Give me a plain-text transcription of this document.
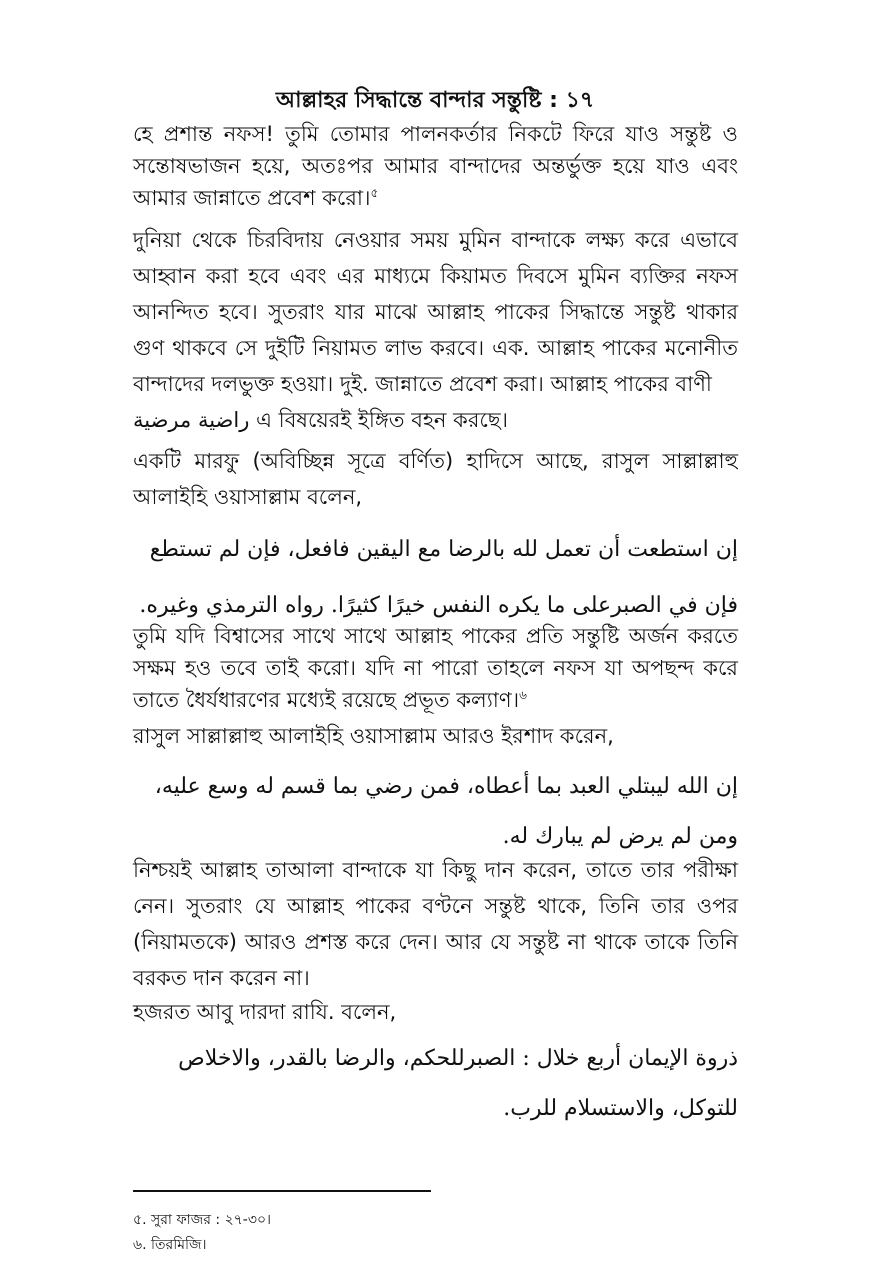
আল্লাহর সিদ্ধান্তে বান্দার সন্তুষ্টি : ১৭
হে প্রশান্ত নফস! তুমি তোমার পালনকর্তার নিকটে ফিরে যাও সন্তুষ্ট ও সন্তোষভাজন হয়ে, অতঃপর আমার বান্দাদের অন্তর্ভুক্ত হয়ে যাও এবং আমার জান্নাতে প্রবেশ করো।$^৫$
দুনিয়া থেকে চিরবিদায় নেওয়ার সময় মুমিন বান্দাকে লক্ষ্য করে এভাবে আহ্বান করা হবে এবং এর মাধ্যমে কিয়ামত দিবসে মুমিন ব্যক্তির নফস আনন্দিত হবে। সুতরাং যার মাঝে আল্লাহ পাকের সিদ্ধান্তে সন্তুষ্ট থাকার গুণ থাকবে সে দুইটি নিয়ামত লাভ করবে। এক. আল্লাহ পাকের মনোনীত বান্দাদের দলভুক্ত হওয়া। দুই. জান্নাতে প্রবেশ করা। আল্লাহ পাকের বাণী
راضية مرضية এ বিষয়েরই ইঙ্গিত বহন করছে।
একটি মারফু (অবিচ্ছিন্ন সূত্রে বর্ণিত) হাদিসে আছে, রাসুল সাল্লাল্লাহু আলাইহি ওয়াসাল্লাম বলেন,
إن استطعت أن تعمل لله بالرضا مع اليقين فافعل، فإن لم تستطع فإن في الصبرعلى ما يكره النفس خيرًا كثيرًا. رواه الترمذي وغيره.
তুমি যদি বিশ্বাসের সাথে সাথে আল্লাহ পাকের প্রতি সন্তুষ্টি অর্জন করতে সক্ষম হও তবে তাই করো। যদি না পারো তাহলে নফস যা অপছন্দ করে তাতে ধৈর্যধারণের মধ্যেই রয়েছে প্রভূত কল্যাণ।$^৬$
রাসুল সাল্লাল্লাহু আলাইহি ওয়াসাল্লাম আরও ইরশাদ করেন,
إن الله ليبتلي العبد بما أعطاه، فمن رضي بما قسم له وسع عليه، ومن لم يرض لم يبارك له.
নিশ্চয়ই আল্লাহ তাআলা বান্দাকে যা কিছু দান করেন, তাতে তার পরীক্ষা নেন। সুতরাং যে আল্লাহ পাকের বণ্টনে সন্তুষ্ট থাকে, তিনি তার ওপর (নিয়ামতকে) আরও প্রশস্ত করে দেন। আর যে সন্তুষ্ট না থাকে তাকে তিনি বরকত দান করেন না।
হজরত আবু দারদা রাযি. বলেন,
ذروة الإيمان أربع خلال : الصبرللحكم، والرضا بالقدر، والاخلاص للتوكل، والاستسلام للرب.
৫. সুরা ফাজর : ২৭-৩০।
৬. তিরমিজি।
